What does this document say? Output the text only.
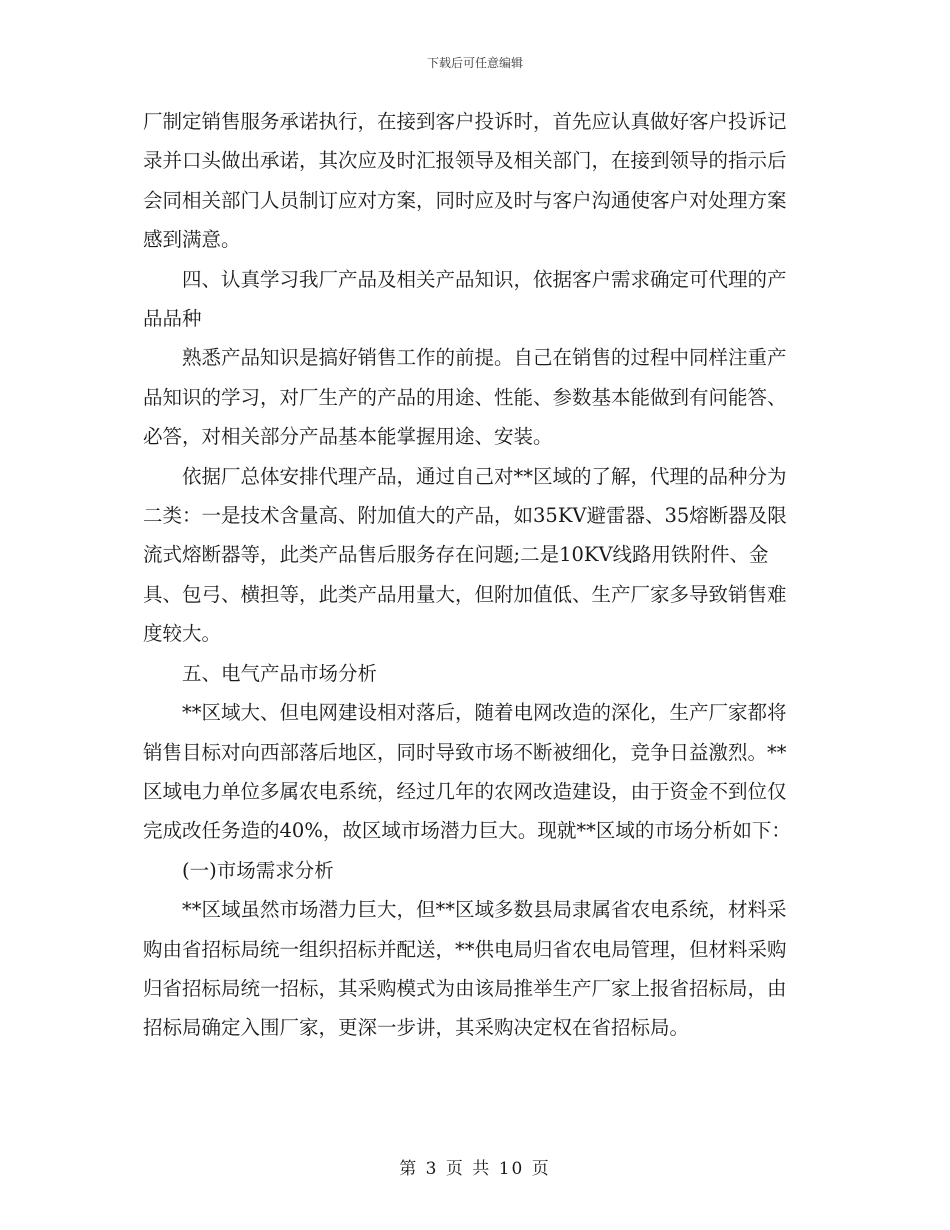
下载后可任意编辑

厂制定销售服务承诺执行，在接到客户投诉时，首先应认真做好客户投诉记录并口头做出承诺，其次应及时汇报领导及相关部门，在接到领导的指示后会同相关部门人员制订应对方案，同时应及时与客户沟通使客户对处理方案感到满意。

四、认真学习我厂产品及相关产品知识，依据客户需求确定可代理的产品品种

熟悉产品知识是搞好销售工作的前提。自己在销售的过程中同样注重产品知识的学习，对厂生产的产品的用途、性能、参数基本能做到有问能答、必答，对相关部分产品基本能掌握用途、安装。

依据厂总体安排代理产品，通过自己对**区域的了解，代理的品种分为二类：一是技术含量高、附加值大的产品，如35KV避雷器、35熔断器及限流式熔断器等，此类产品售后服务存在问题;二是10KV线路用铁附件、金具、包弓、横担等，此类产品用量大，但附加值低、生产厂家多导致销售难度较大。

五、电气产品市场分析

**区域大、但电网建设相对落后，随着电网改造的深化，生产厂家都将销售目标对向西部落后地区，同时导致市场不断被细化，竞争日益激烈。**区域电力单位多属农电系统，经过几年的农网改造建设，由于资金不到位仅完成改任务造的40%，故区域市场潜力巨大。现就**区域的市场分析如下：

(一)市场需求分析

**区域虽然市场潜力巨大，但**区域多数县局隶属省农电系统，材料采购由省招标局统一组织招标并配送，**供电局归省农电局管理，但材料采购归省招标局统一招标，其采购模式为由该局推举生产厂家上报省招标局，由招标局确定入围厂家，更深一步讲，其采购决定权在省招标局。

第 3 页 共 10 页
